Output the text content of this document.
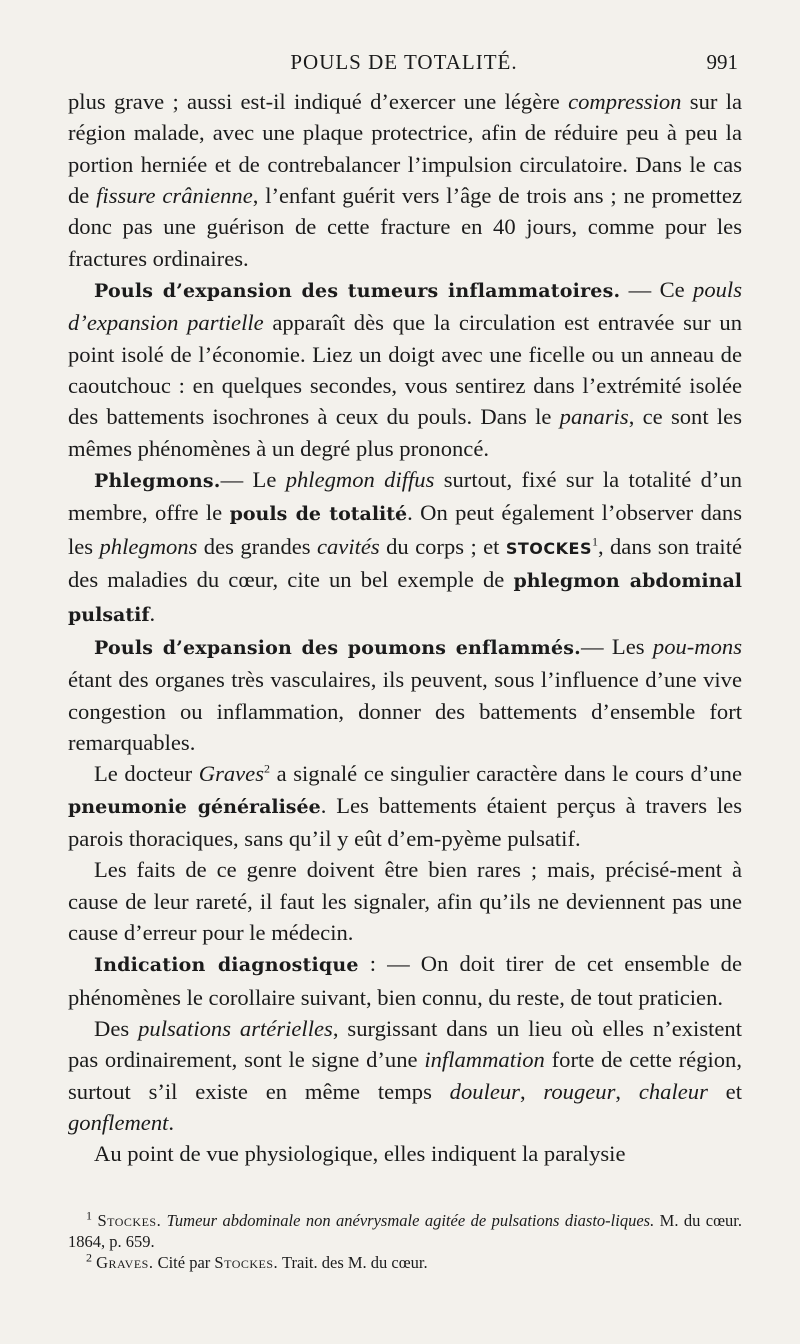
POULS DE TOTALITÉ.	991

plus grave ; aussi est-il indiqué d’exercer une légère compression sur la région malade, avec une plaque protectrice, afin de réduire peu à peu la portion herniée et de contrebalancer l’impulsion circulatoire. Dans le cas de fissure crânienne, l’enfant guérit vers l’âge de trois ans ; ne promettez donc pas une guérison de cette fracture en 40 jours, comme pour les fractures ordinaires.

Pouls d’expansion des tumeurs inflammatoires. — Ce pouls d’expansion partielle apparaît dès que la circulation est entravée sur un point isolé de l’économie. Liez un doigt avec une ficelle ou un anneau de caoutchouc : en quelques secondes, vous sentirez dans l’extrémité isolée des battements isochrones à ceux du pouls. Dans le panaris, ce sont les mêmes phénomènes à un degré plus prononcé.

Phlegmons.— Le phlegmon diffus surtout, fixé sur la totalité d’un membre, offre le pouls de totalité. On peut également l’observer dans les phlegmons des grandes cavités du corps ; et STOCKES$^1$, dans son traité des maladies du cœur, cite un bel exemple de phlegmon abdominal pulsatif.

Pouls d’expansion des poumons enflammés.— Les pou-mons étant des organes très vasculaires, ils peuvent, sous l’influence d’une vive congestion ou inflammation, donner des battements d’ensemble fort remarquables.

Le docteur Graves$^2$ a signalé ce singulier caractère dans le cours d’une pneumonie généralisée. Les battements étaient perçus à travers les parois thoraciques, sans qu’il y eût d’em-pyème pulsatif.

Les faits de ce genre doivent être bien rares ; mais, précisé-ment à cause de leur rareté, il faut les signaler, afin qu’ils ne deviennent pas une cause d’erreur pour le médecin.

Indication diagnostique : — On doit tirer de cet ensemble de phénomènes le corollaire suivant, bien connu, du reste, de tout praticien.

Des pulsations artérielles, surgissant dans un lieu où elles n’existent pas ordinairement, sont le signe d’une inflammation forte de cette région, surtout s’il existe en même temps douleur, rougeur, chaleur et gonflement.

Au point de vue physiologique, elles indiquent la paralysie

$^1$ Stockes. Tumeur abdominale non anévrysmale agitée de pulsations diasto-liques. M. du cœur. 1864, p. 659.

$^2$ Graves. Cité par Stockes. Trait. des M. du cœur.
